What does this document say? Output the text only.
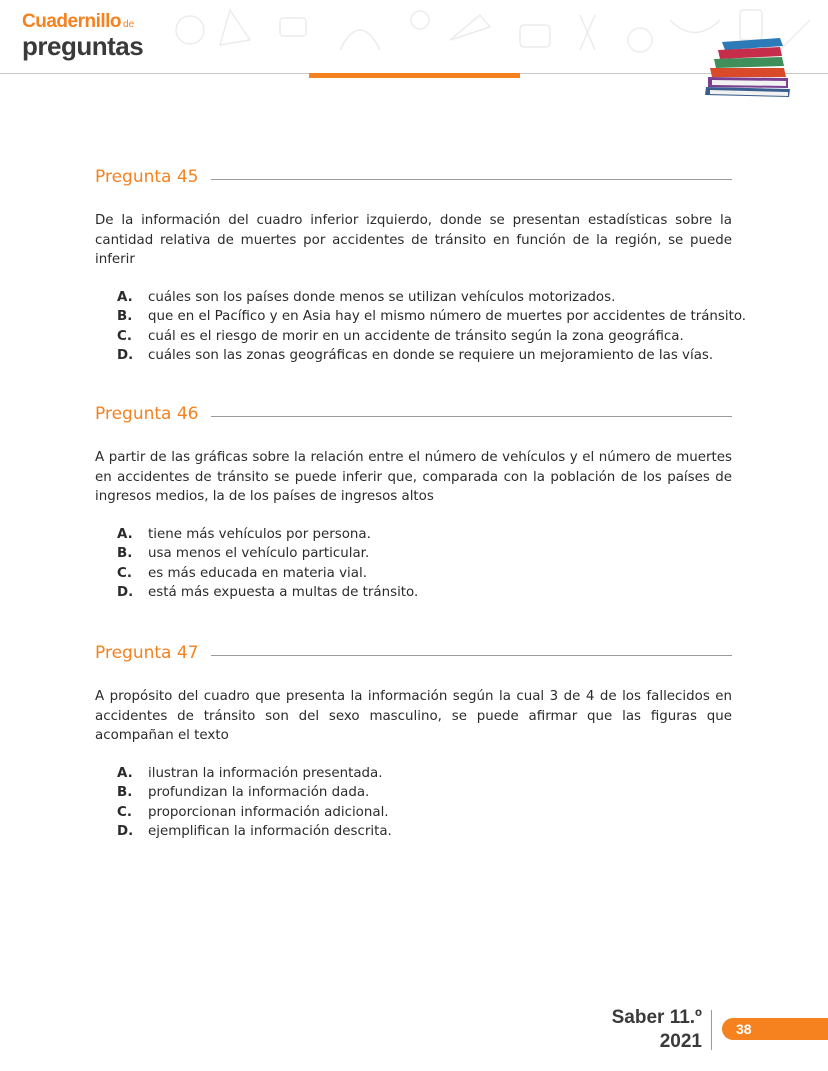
Cuadernillo de
preguntas
Pregunta 45

De la información del cuadro inferior izquierdo, donde se presentan estadísticas sobre la cantidad relativa de muertes por accidentes de tránsito en función de la región, se puede inferir

A.	cuáles son los países donde menos se utilizan vehículos motorizados.
B.	que en el Pacífico y en Asia hay el mismo número de muertes por accidentes de tránsito.
C.	cuál es el riesgo de morir en un accidente de tránsito según la zona geográfica.
D.	cuáles son las zonas geográficas en donde se requiere un mejoramiento de las vías.
Pregunta 46

A partir de las gráficas sobre la relación entre el número de vehículos y el número de muertes en accidentes de tránsito se puede inferir que, comparada con la población de los países de ingresos medios, la de los países de ingresos altos

A.	tiene más vehículos por persona.
B.	usa menos el vehículo particular.
C.	es más educada en materia vial.
D.	está más expuesta a multas de tránsito.
Pregunta 47

A propósito del cuadro que presenta la información según la cual 3 de 4 de los fallecidos en accidentes de tránsito son del sexo masculino, se puede afirmar que las figuras que acompañan el texto

A.	ilustran la información presentada.
B.	profundizan la información dada.
C.	proporcionan información adicional.
D.	ejemplifican la información descrita.
Saber 11.º
2021
38
